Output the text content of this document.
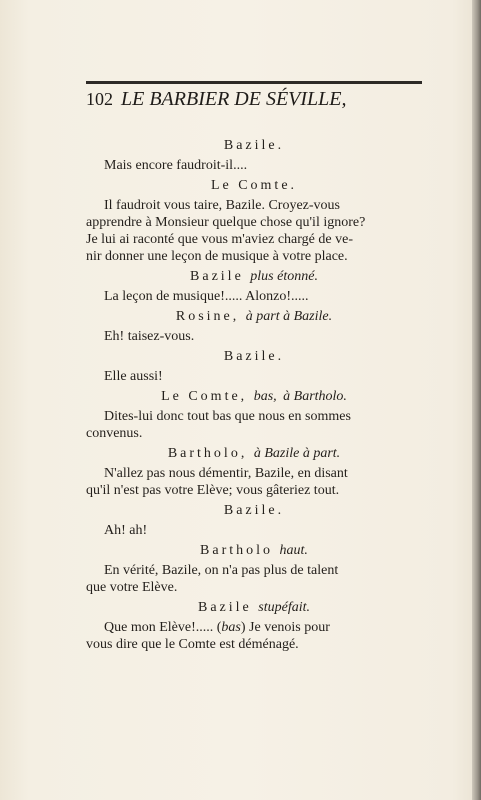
102 LE BARBIER DE SÉVILLE,
Bazile.
Mais encore faudroit-il....
Le Comte.
Il faudroit vous taire, Bazile. Croyez-vous
apprendre à Monsieur quelque chose qu'il ignore?
Je lui ai raconté que vous m'aviez chargé de ve-
nir donner une leçon de musique à votre place.
Bazile plus étonné.
La leçon de musique!..... Alonzo!.....
Rosine, à part à Bazile.
Eh! taisez-vous.
Bazile.
Elle aussi!
Le Comte, bas, à Bartholo.
Dites-lui donc tout bas que nous en sommes
convenus.
Bartholo, à Bazile à part.
N'allez pas nous démentir, Bazile, en disant
qu'il n'est pas votre Elève; vous gâteriez tout.
Bazile.
Ah! ah!
Bartholo haut.
En vérité, Bazile, on n'a pas plus de talent
que votre Elève.
Bazile stupéfait.
Que mon Elève!..... (bas) Je venois pour
vous dire que le Comte est déménagé.
